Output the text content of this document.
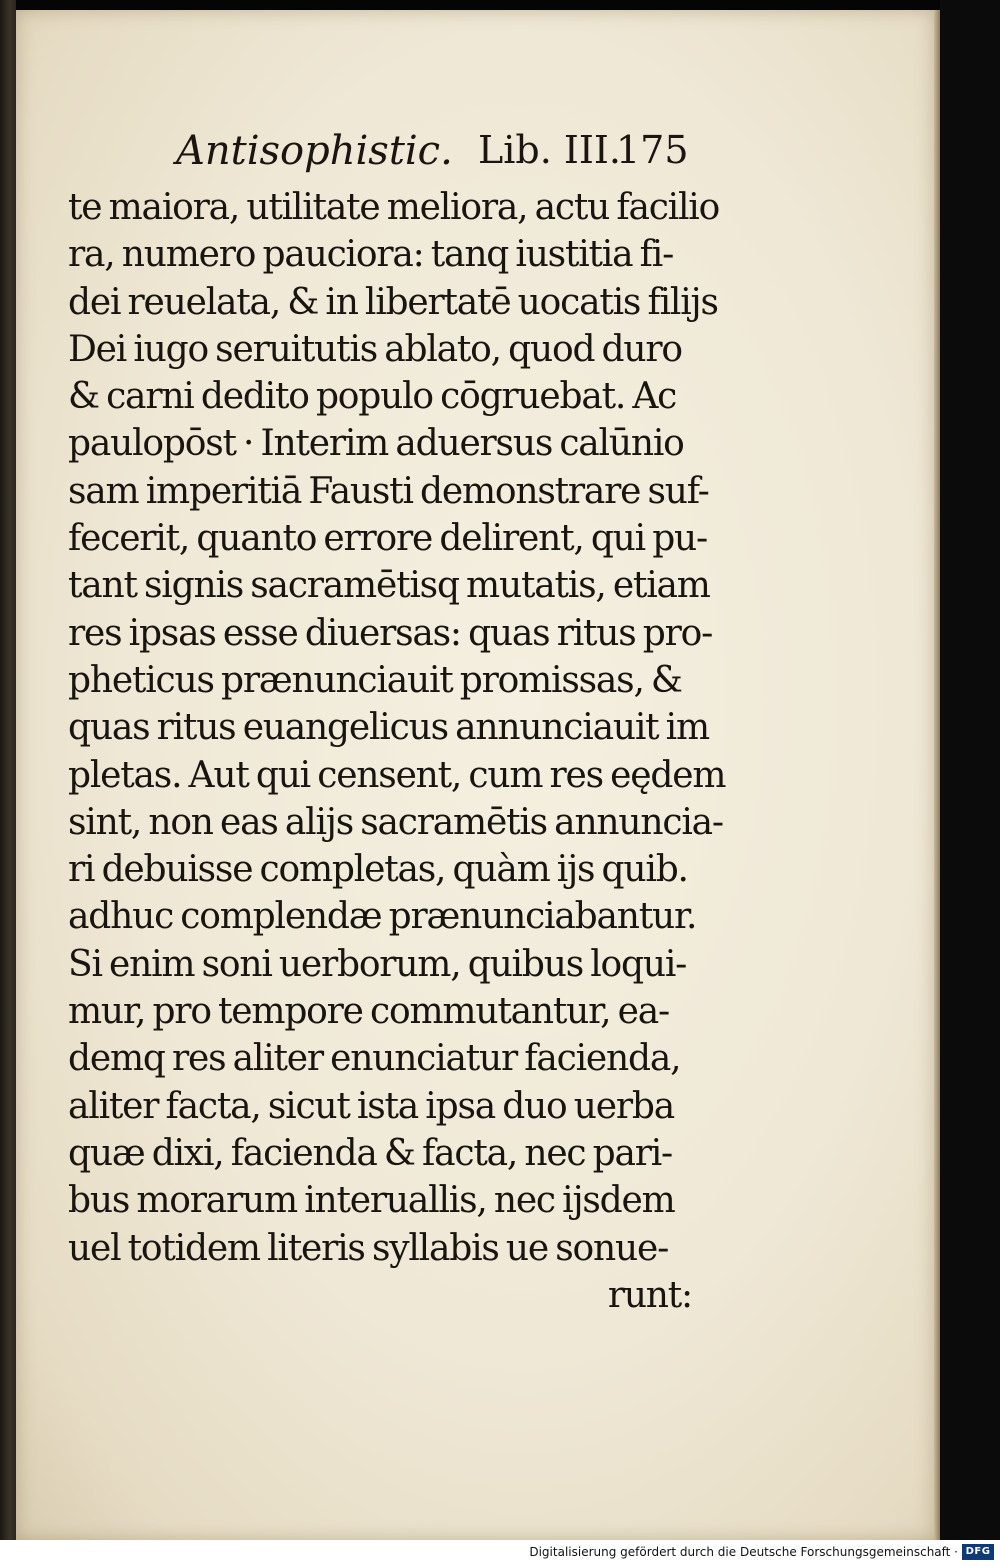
Antisophistic. Lib. III.
175
te maiora, utilitate meliora, actu facilio
ra, numero pauciora: tanq iustitia fi-
dei reuelata, & in libertatē uocatis filijs
Dei iugo seruitutis ablato, quod duro
& carni dedito populo cōgruebat. Ac
paulopōst · Interim aduersus calūnio
sam imperitiā Fausti demonstrare suf-
fecerit, quanto errore delirent, qui pu-
tant signis sacramētisq mutatis, etiam
res ipsas esse diuersas: quas ritus pro-
pheticus prænunciauit promissas, &
quas ritus euangelicus annunciauit im
pletas. Aut qui censent, cum res eędem
sint, non eas alijs sacramētis annuncia-
ri debuisse completas, quàm ijs quib.
adhuc complendæ prænunciabantur.
Si enim soni uerborum, quibus loqui-
mur, pro tempore commutantur, ea-
demq res aliter enunciatur facienda,
aliter facta, sicut ista ipsa duo uerba
quæ dixi, facienda & facta, nec pari-
bus morarum interuallis, nec ijsdem
uel totidem literis syllabis ue sonue-
runt:
Digitalisierung gefördert durch die Deutsche Forschungsgemeinschaft · DFG
